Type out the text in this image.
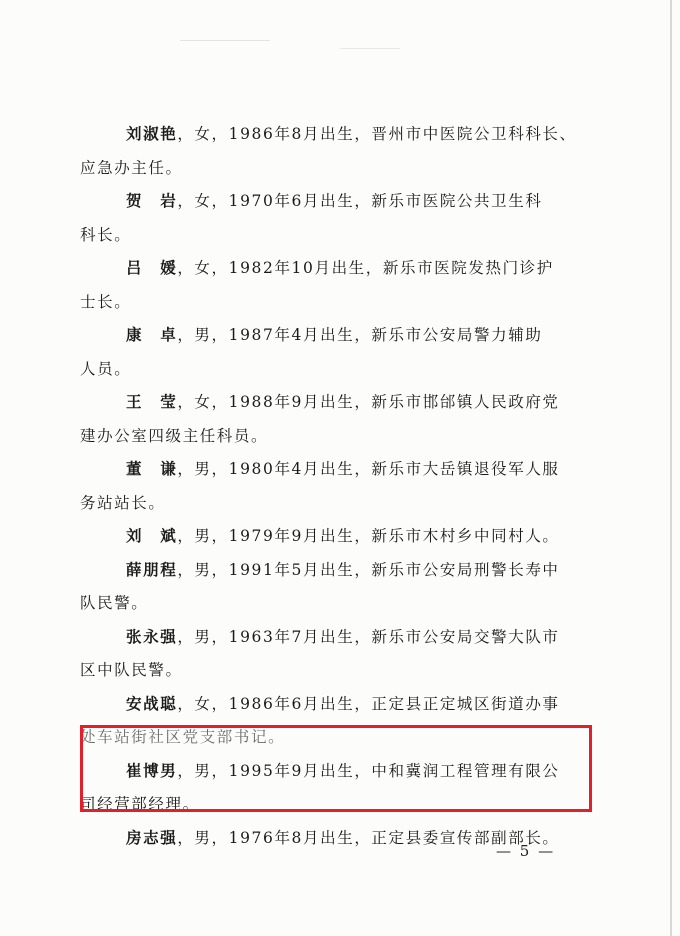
刘淑艳，女，1986年8月出生，晋州市中医院公卫科科长、
应急办主任。
贺　岩，女，1970年6月出生，新乐市医院公共卫生科
科长。
吕　媛，女，1982年10月出生，新乐市医院发热门诊护
士长。
康　卓，男，1987年4月出生，新乐市公安局警力辅助
人员。
王　莹，女，1988年9月出生，新乐市邯邰镇人民政府党
建办公室四级主任科员。
董　谦，男，1980年4月出生，新乐市大岳镇退役军人服
务站站长。
刘　斌，男，1979年9月出生，新乐市木村乡中同村人。
薛朋程，男，1991年5月出生，新乐市公安局刑警长寿中
队民警。
张永强，男，1963年7月出生，新乐市公安局交警大队市
区中队民警。
安战聪，女，1986年6月出生，正定县正定城区街道办事
处车站街社区党支部书记。
崔博男，男，1995年9月出生，中和冀润工程管理有限公
司经营部经理。
房志强，男，1976年8月出生，正定县委宣传部副部长。
— 5 —
